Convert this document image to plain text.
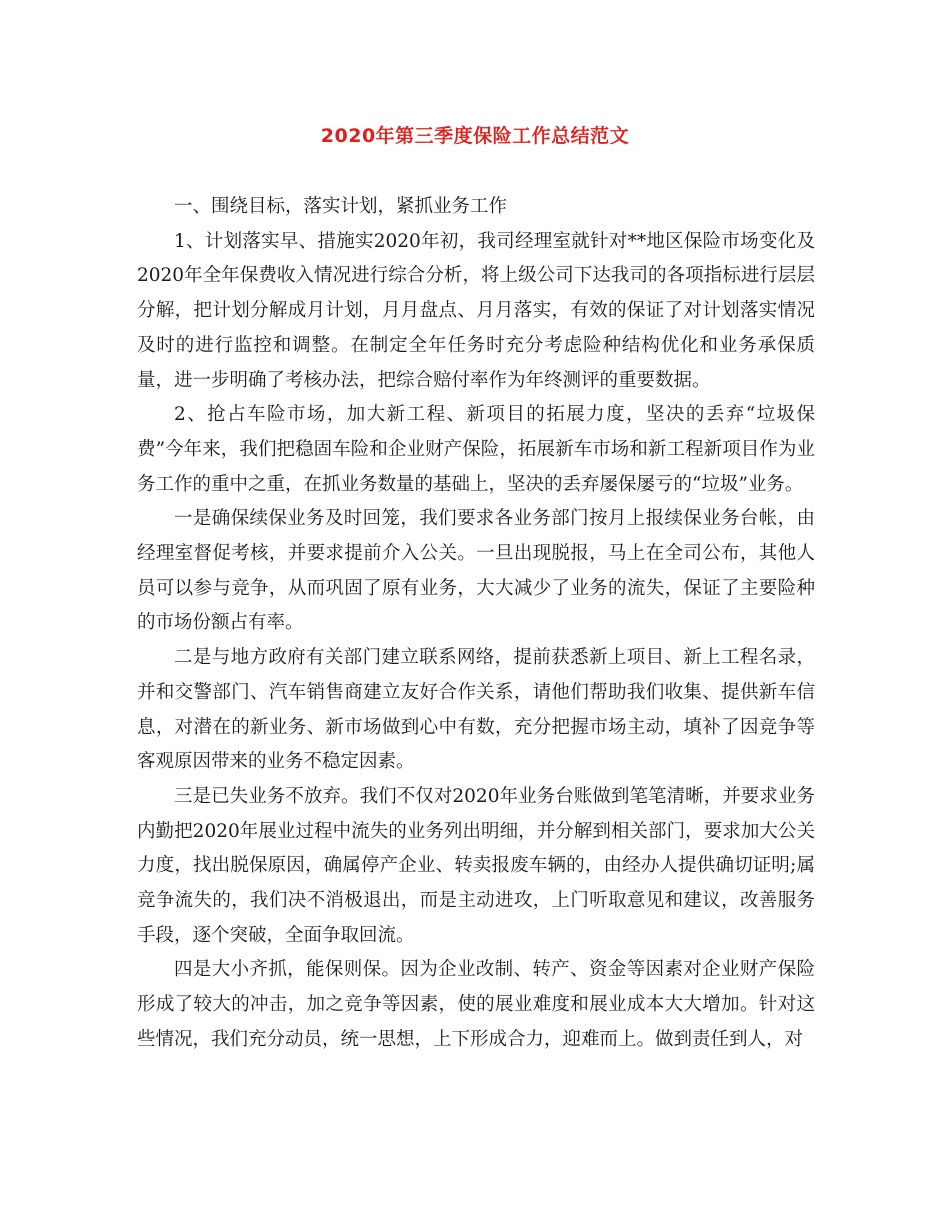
2020年第三季度保险工作总结范文

一、围绕目标，落实计划，紧抓业务工作

1、计划落实早、措施实2020年初，我司经理室就针对**地区保险市场变化及2020年全年保费收入情况进行综合分析，将上级公司下达我司的各项指标进行层层分解，把计划分解成月计划，月月盘点、月月落实，有效的保证了对计划落实情况及时的进行监控和调整。在制定全年任务时充分考虑险种结构优化和业务承保质量，进一步明确了考核办法，把综合赔付率作为年终测评的重要数据。

2、抢占车险市场，加大新工程、新项目的拓展力度，坚决的丢弃“垃圾保费”今年来，我们把稳固车险和企业财产保险，拓展新车市场和新工程新项目作为业务工作的重中之重，在抓业务数量的基础上，坚决的丢弃屡保屡亏的“垃圾”业务。

一是确保续保业务及时回笼，我们要求各业务部门按月上报续保业务台帐，由经理室督促考核，并要求提前介入公关。一旦出现脱报，马上在全司公布，其他人员可以参与竞争，从而巩固了原有业务，大大减少了业务的流失，保证了主要险种的市场份额占有率。

二是与地方政府有关部门建立联系网络，提前获悉新上项目、新上工程名录，并和交警部门、汽车销售商建立友好合作关系，请他们帮助我们收集、提供新车信息，对潜在的新业务、新市场做到心中有数，充分把握市场主动，填补了因竞争等客观原因带来的业务不稳定因素。

三是已失业务不放弃。我们不仅对2020年业务台账做到笔笔清晰，并要求业务内勤把2020年展业过程中流失的业务列出明细，并分解到相关部门，要求加大公关力度，找出脱保原因，确属停产企业、转卖报废车辆的，由经办人提供确切证明;属竞争流失的，我们决不消极退出，而是主动进攻，上门听取意见和建议，改善服务手段，逐个突破，全面争取回流。

四是大小齐抓，能保则保。因为企业改制、转产、资金等因素对企业财产保险形成了较大的冲击，加之竞争等因素，使的展业难度和展业成本大大增加。针对这些情况，我们充分动员，统一思想，上下形成合力，迎难而上。做到责任到人，对
